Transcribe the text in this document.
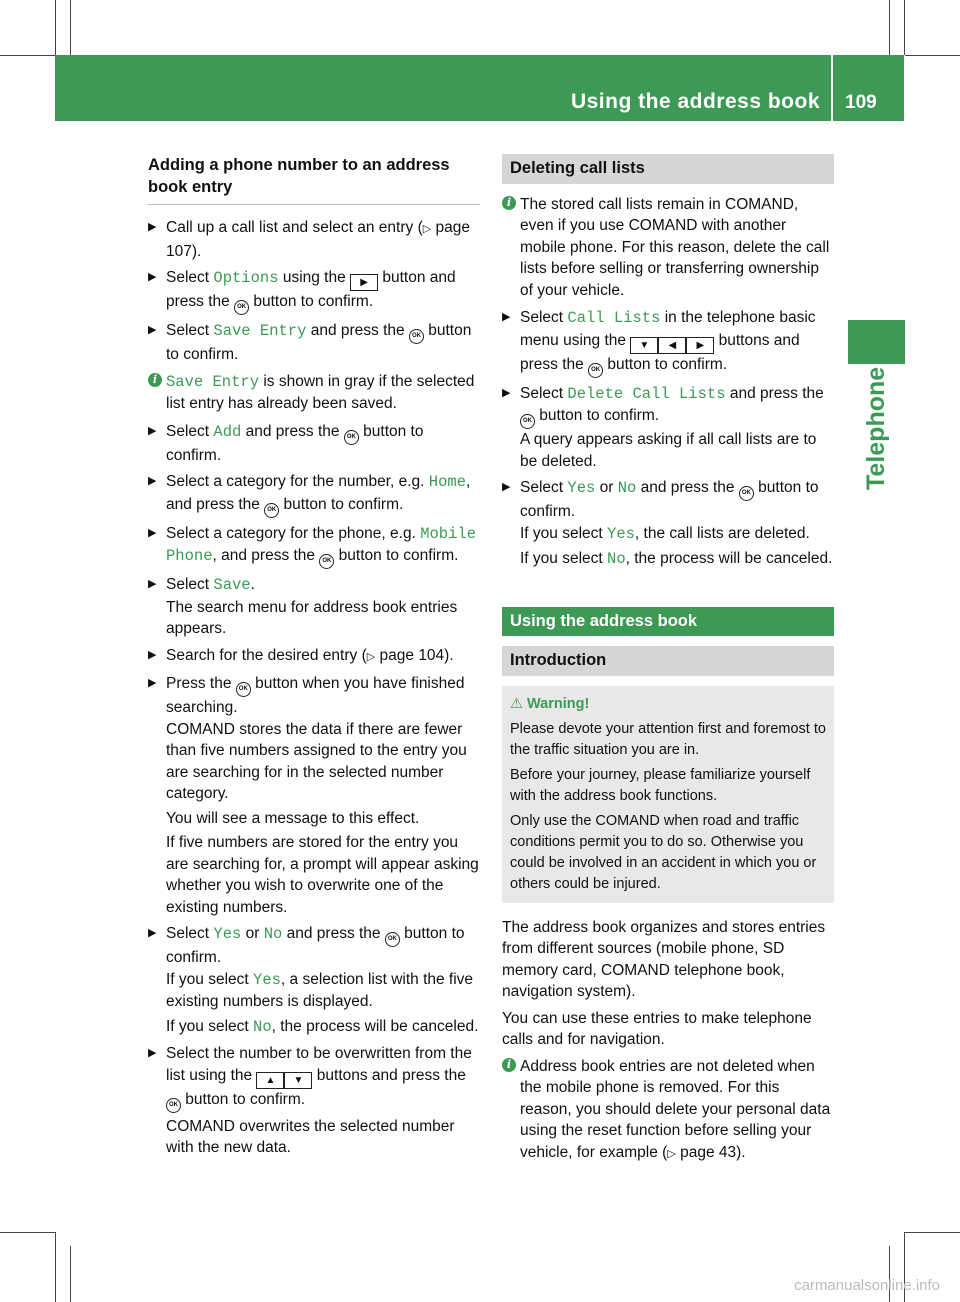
Using the address book 109
Telephone
Adding a phone number to an address book entry
▶ Call up a call list and select an entry (▷ page 107).

▶ Select Options using the ▶ button and press the OK button to confirm.

▶ Select Save Entry and press the OK button to confirm.

i Save Entry is shown in gray if the selected list entry has already been saved.
▶ Select Add and press the OK button to confirm.

▶ Select a category for the number, e.g. Home, and press the OK button to confirm.

▶ Select a category for the phone, e.g. Mobile Phone, and press the OK button to confirm.

▶ Select Save.
The search menu for address book entries appears.

▶ Search for the desired entry (▷ page 104).

▶ Press the OK button when you have finished searching.
COMAND stores the data if there are fewer than five numbers assigned to the entry you are searching for in the selected number category.

You will see a message to this effect.

If five numbers are stored for the entry you are searching for, a prompt will appear asking whether you wish to overwrite one of the existing numbers.

▶ Select Yes or No and press the OK button to confirm.
If you select Yes, a selection list with the five existing numbers is displayed.

If you select No, the process will be canceled.

▶ Select the number to be overwritten from the list using the ▲ ▼ buttons and press the OK button to confirm.

COMAND overwrites the selected number with the new data.

Deleting call lists
i The stored call lists remain in COMAND, even if you use COMAND with another mobile phone. For this reason, delete the call lists before selling or transferring ownership of your vehicle.
▶ Select Call Lists in the telephone basic menu using the ▼ ◀ ▶ buttons and press the OK button to confirm.

▶ Select Delete Call Lists and press the OK button to confirm.
A query appears asking if all call lists are to be deleted.

▶ Select Yes or No and press the OK button to confirm.
If you select Yes, the call lists are deleted.

If you select No, the process will be canceled.

Using the address book
Introduction
⚠ Warning!

Please devote your attention first and foremost to the traffic situation you are in.

Before your journey, please familiarize yourself with the address book functions.

Only use the COMAND when road and traffic conditions permit you to do so. Otherwise you could be involved in an accident in which you or others could be injured.

The address book organizes and stores entries from different sources (mobile phone, SD memory card, COMAND telephone book, navigation system).

You can use these entries to make telephone calls and for navigation.

i Address book entries are not deleted when the mobile phone is removed. For this reason, you should delete your personal data using the reset function before selling your vehicle, for example (▷ page 43).
carmanualsonline.info
